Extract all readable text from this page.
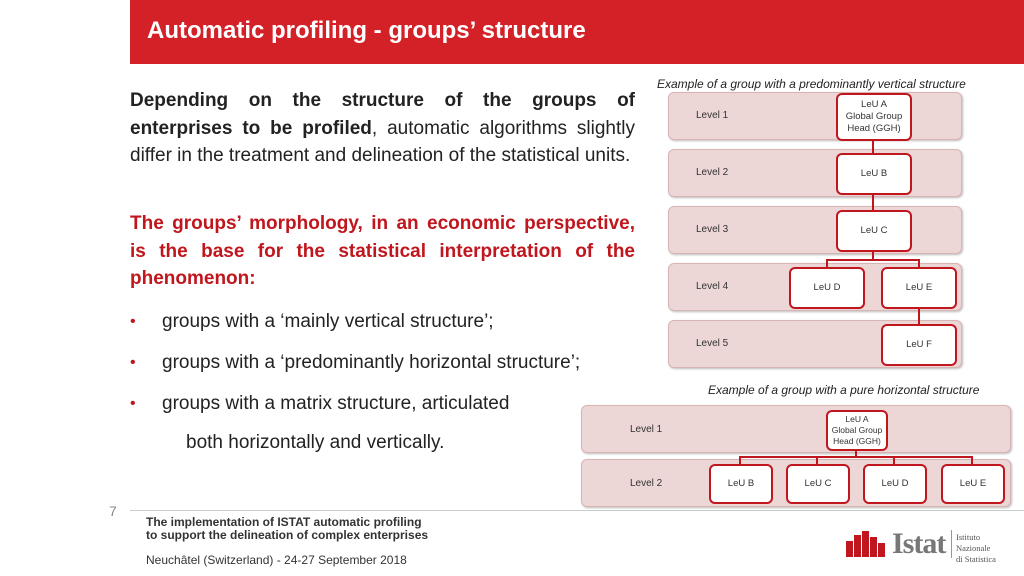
Automatic profiling - groups’ structure
Depending on the structure of the groups of enterprises to be profiled, automatic algorithms slightly differ in the treatment and delineation of the statistical units.
The groups’ morphology, in an economic perspective, is the base for the statistical interpretation of the phenomenon:
• groups with a ‘mainly vertical structure’;
• groups with a ‘predominantly horizontal structure’;
• groups with a matrix structure, articulated
both horizontally and vertically.
Example of a group with a predominantly vertical structure
Level 1
Level 2
Level 3
Level 4
Level 5
LeU A
Global Group
Head (GGH)
LeU B
LeU C
LeU D	LeU E
LeU F
Example of a group with a pure horizontal structure
Level 1
Level 2
LeU A
Global Group
Head (GGH)
LeU B	LeU C	LeU D	LeU E
7
The implementation of ISTAT automatic profiling
to support the delineation of complex enterprises
Neuchâtel (Switzerland) - 24-27 September 2018	Istat Istituto Nazionale
di Statistica
